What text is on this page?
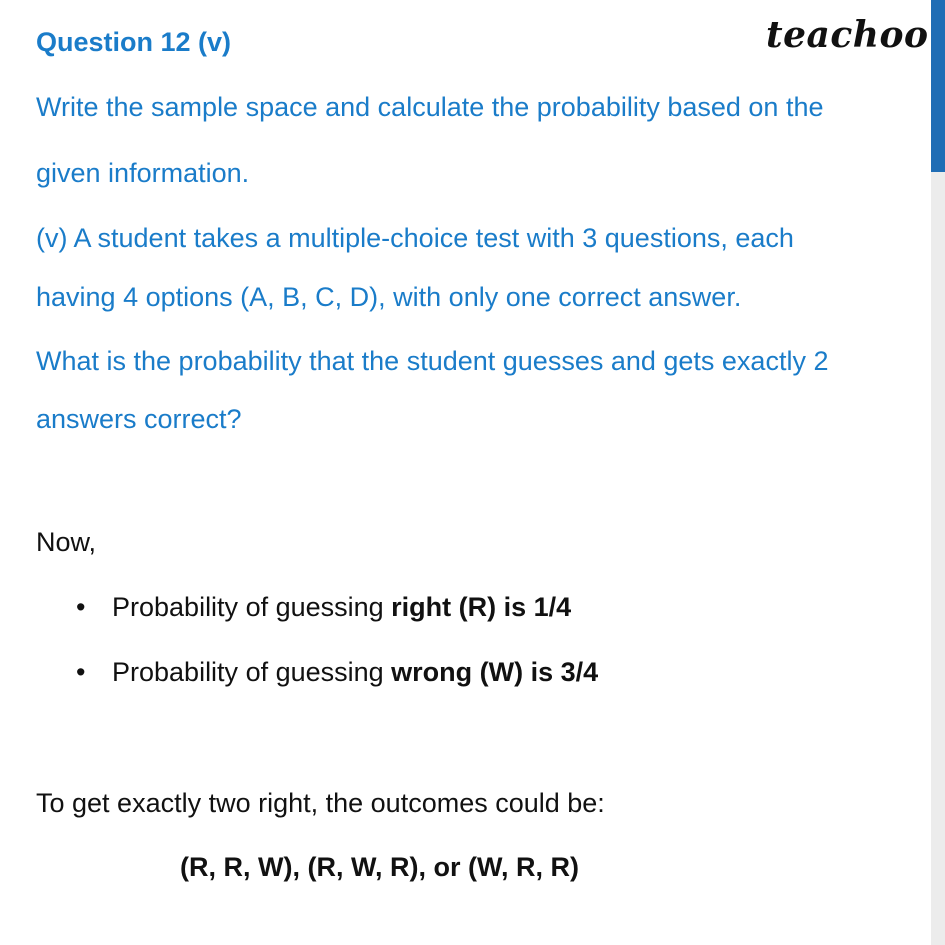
Question 12 (v)	teachoo
Write the sample space and calculate the probability based on the
given information.
(v) A student takes a multiple-choice test with 3 questions, each
having 4 options (A, B, C, D), with only one correct answer.
What is the probability that the student guesses and gets exactly 2
answers correct?
Now,
• Probability of guessing right (R) is 1/4
• Probability of guessing wrong (W) is 3/4
To get exactly two right, the outcomes could be:
(R, R, W), (R, W, R), or (W, R, R)
